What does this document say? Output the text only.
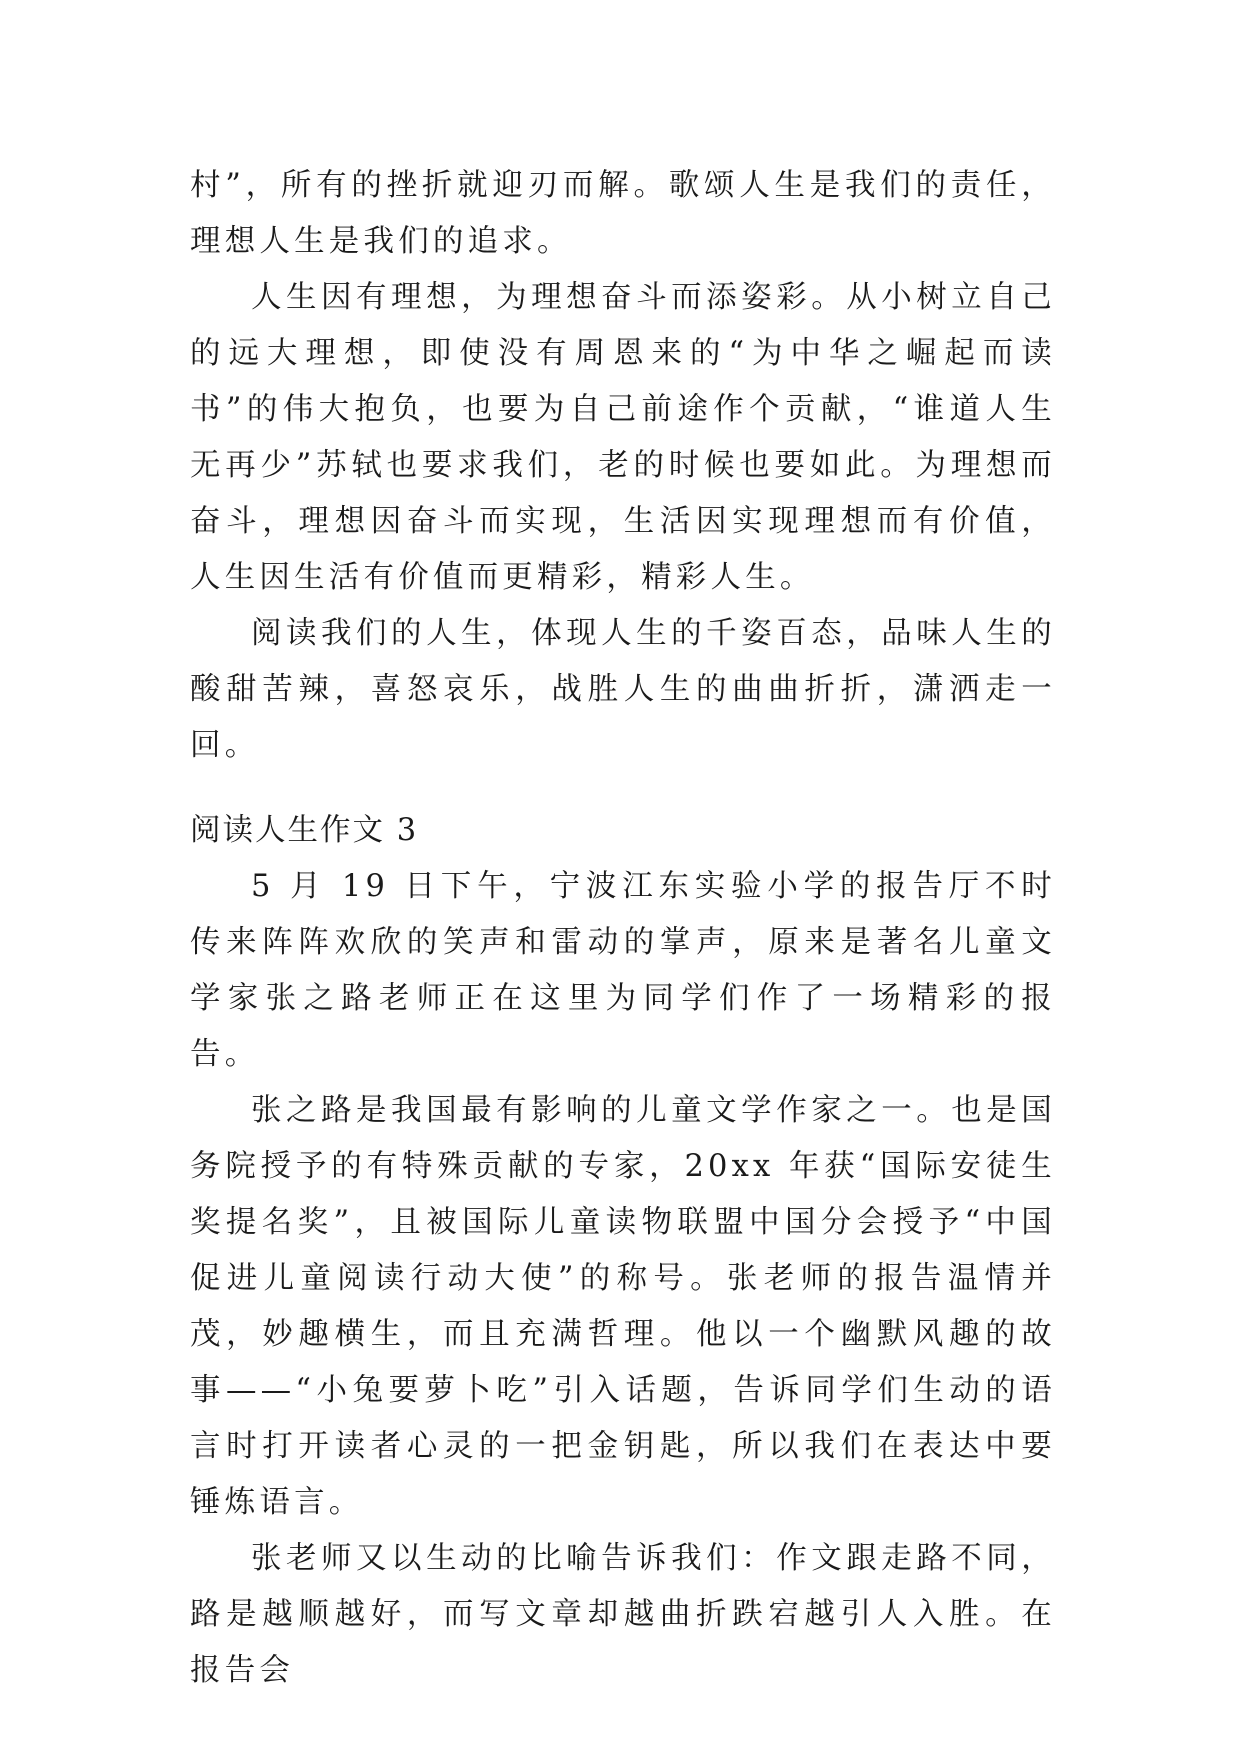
村”，所有的挫折就迎刃而解。歌颂人生是我们的责任，理想人生是我们的追求。

人生因有理想，为理想奋斗而添姿彩。从小树立自己的远大理想，即使没有周恩来的“为中华之崛起而读书”的伟大抱负，也要为自己前途作个贡献，“谁道人生无再少”苏轼也要求我们，老的时候也要如此。为理想而奋斗，理想因奋斗而实现，生活因实现理想而有价值，人生因生活有价值而更精彩，精彩人生。

阅读我们的人生，体现人生的千姿百态，品味人生的酸甜苦辣，喜怒哀乐，战胜人生的曲曲折折，潇洒走一回。

阅读人生作文 3

5 月 19 日下午，宁波江东实验小学的报告厅不时传来阵阵欢欣的笑声和雷动的掌声，原来是著名儿童文学家张之路老师正在这里为同学们作了一场精彩的报告。

张之路是我国最有影响的儿童文学作家之一。也是国务院授予的有特殊贡献的专家，20xx 年获“国际安徒生奖提名奖”，且被国际儿童读物联盟中国分会授予“中国促进儿童阅读行动大使”的称号。张老师的报告温情并茂，妙趣横生，而且充满哲理。他以一个幽默风趣的故事——“小兔要萝卜吃”引入话题，告诉同学们生动的语言时打开读者心灵的一把金钥匙，所以我们在表达中要锤炼语言。

张老师又以生动的比喻告诉我们：作文跟走路不同，路是越顺越好，而写文章却越曲折跌宕越引人入胜。在报告会
